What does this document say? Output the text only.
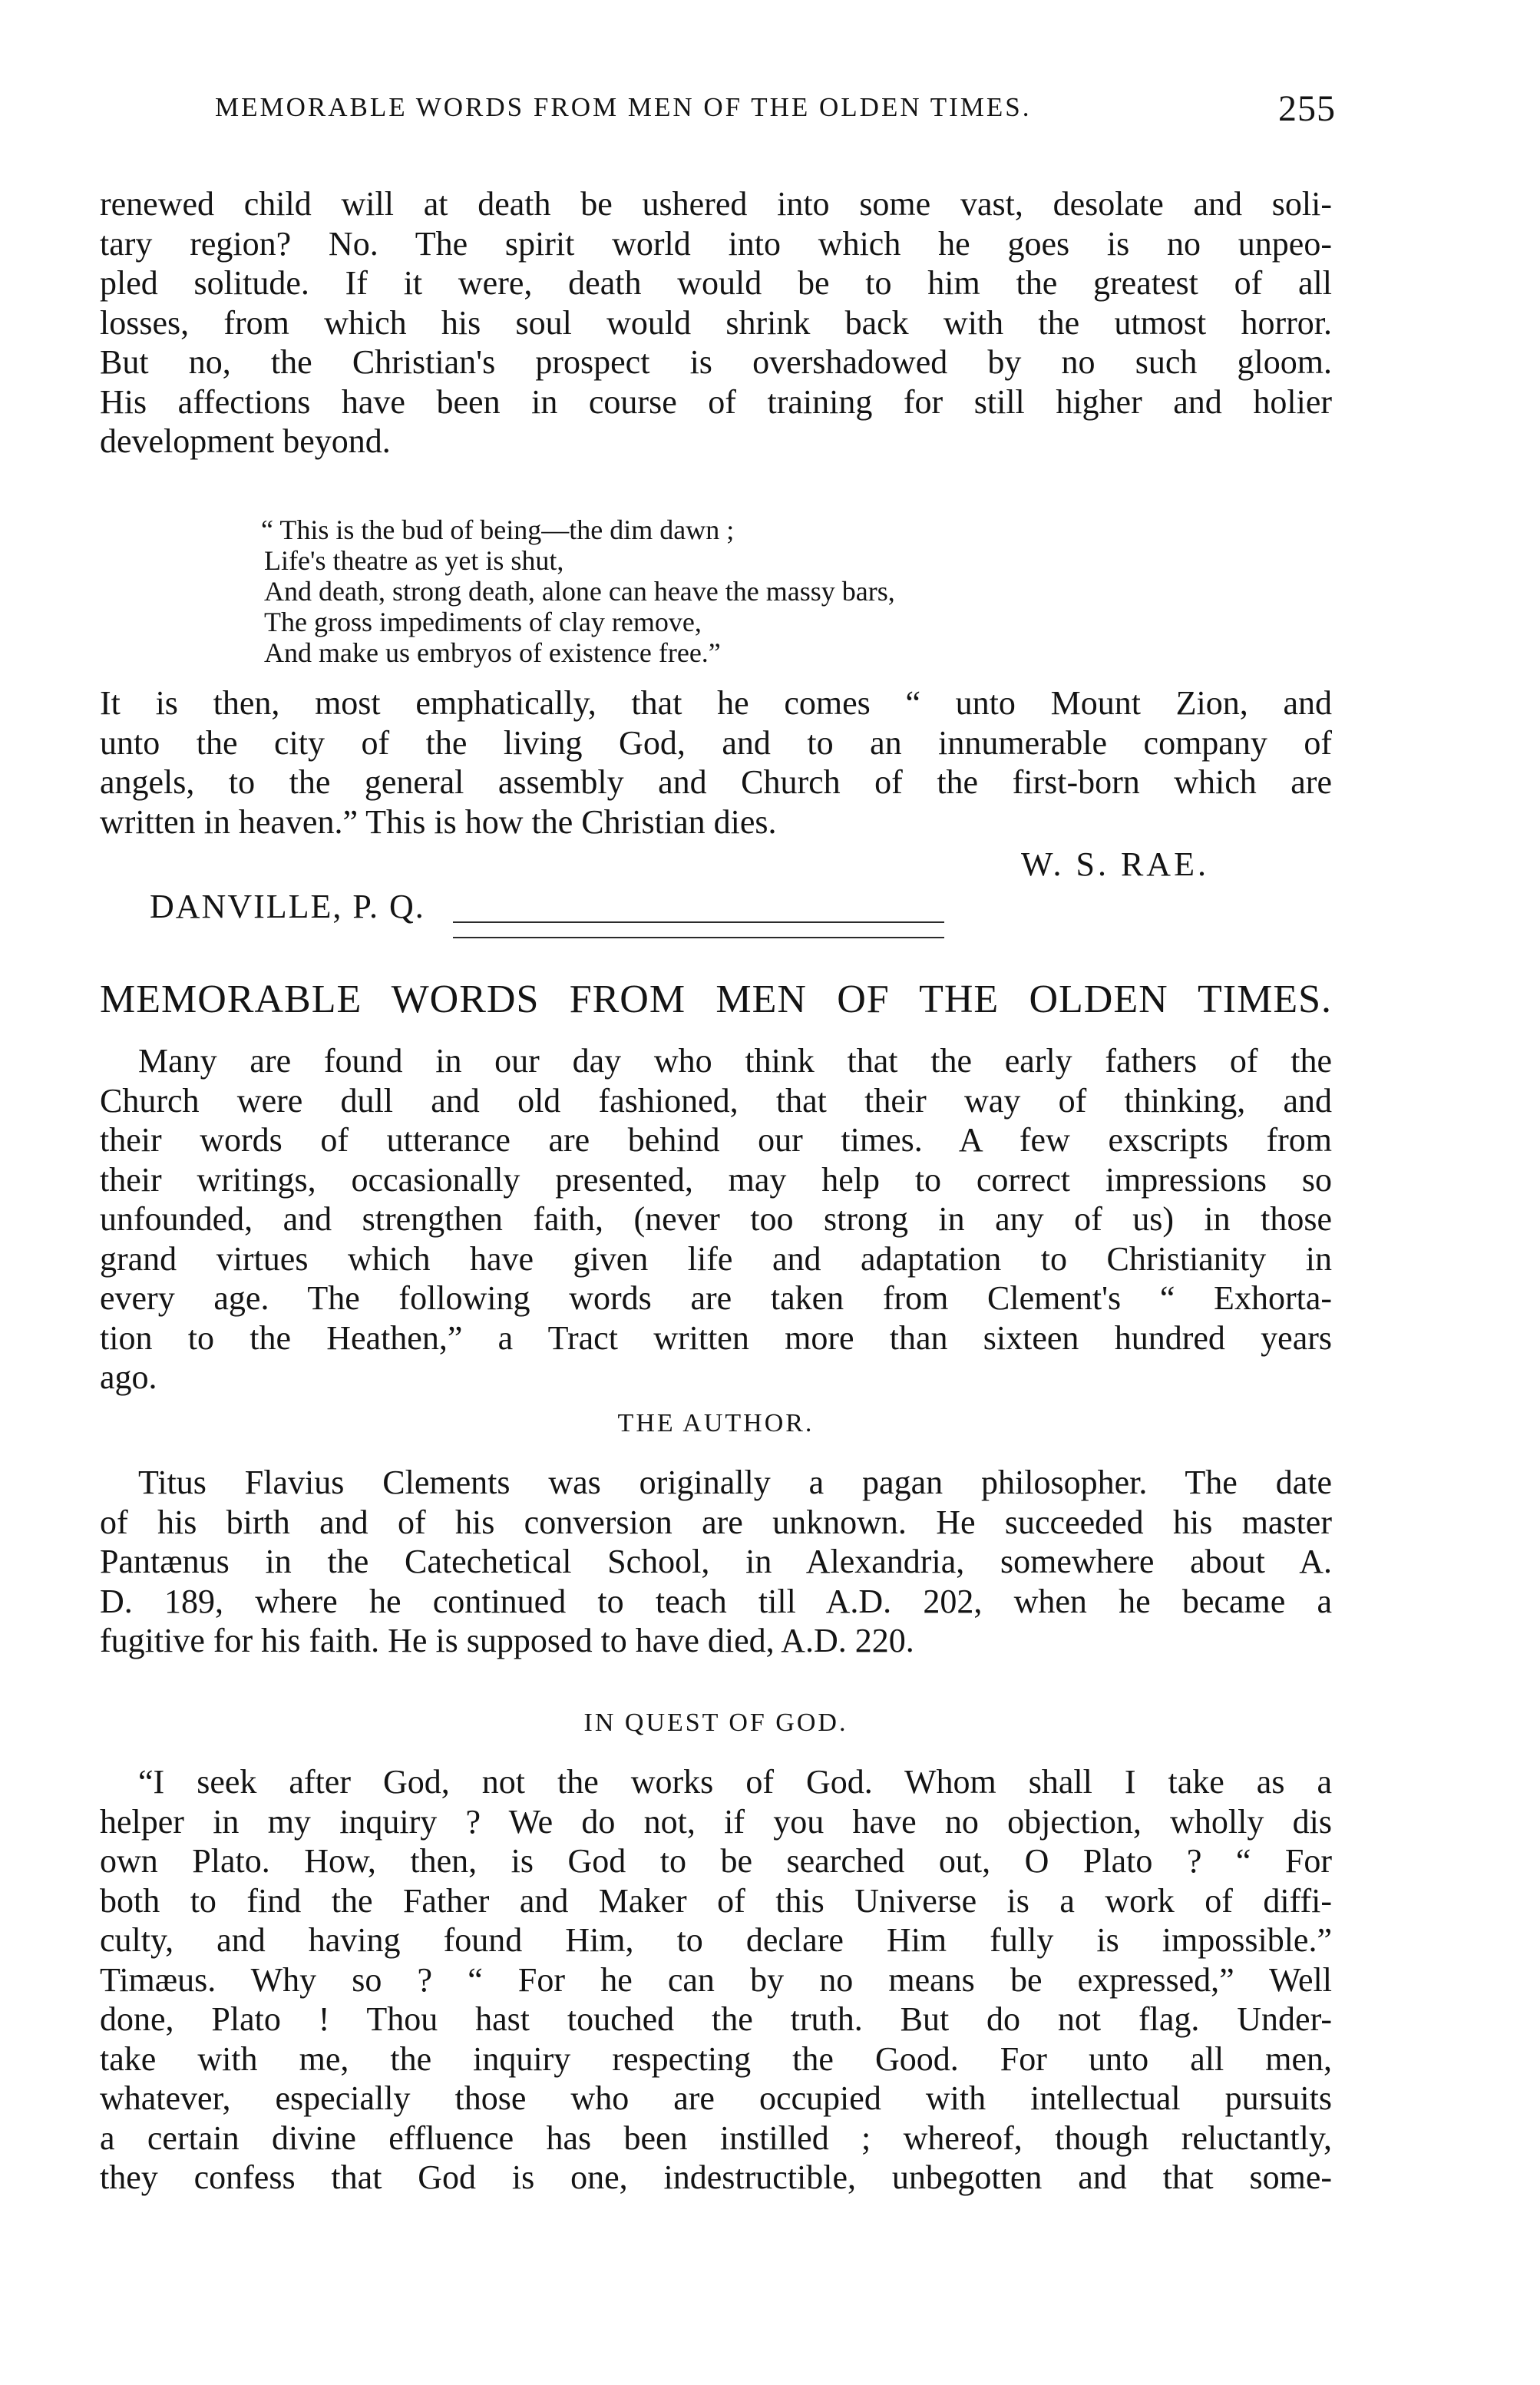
MEMORABLE WORDS FROM MEN OF THE OLDEN TIMES.	255
renewed child will at death be ushered into some vast, desolate and soli-
tary region? No. The spirit world into which he goes is no unpeo-
pled solitude. If it were, death would be to him the greatest of all
losses, from which his soul would shrink back with the utmost horror.
But no, the Christian's prospect is overshadowed by no such gloom.
His affections have been in course of training for still higher and holier
development beyond.
“ This is the bud of being—the dim dawn ;
Life's theatre as yet is shut,
And death, strong death, alone can heave the massy bars,
The gross impediments of clay remove,
And make us embryos of existence free.”
It is then, most emphatically, that he comes “ unto Mount Zion, and
unto the city of the living God, and to an innumerable company of
angels, to the general assembly and Church of the first-born which are
written in heaven.” This is how the Christian dies.
W. S. RAE.
DANVILLE, P. Q.
MEMORABLE WORDS FROM MEN OF THE OLDEN TIMES.
Many are found in our day who think that the early fathers of the
Church were dull and old fashioned, that their way of thinking, and
their words of utterance are behind our times. A few exscripts from
their writings, occasionally presented, may help to correct impressions so
unfounded, and strengthen faith, (never too strong in any of us) in those
grand virtues which have given life and adaptation to Christianity in
every age. The following words are taken from Clement's “ Exhorta-
tion to the Heathen,” a Tract written more than sixteen hundred years
ago.
THE AUTHOR.
Titus Flavius Clements was originally a pagan philosopher. The date
of his birth and of his conversion are unknown. He succeeded his master
Pantænus in the Catechetical School, in Alexandria, somewhere about A.
D. 189, where he continued to teach till A.D. 202, when he became a
fugitive for his faith. He is supposed to have died, A.D. 220.
IN QUEST OF GOD.
“I seek after God, not the works of God. Whom shall I take as a
helper in my inquiry ? We do not, if you have no objection, wholly dis
own Plato. How, then, is God to be searched out, O Plato ? “ For
both to find the Father and Maker of this Universe is a work of diffi-
culty, and having found Him, to declare Him fully is impossible.”
Timæus. Why so ? “ For he can by no means be expressed,” Well
done, Plato ! Thou hast touched the truth. But do not flag. Under-
take with me, the inquiry respecting the Good. For unto all men,
whatever, especially those who are occupied with intellectual pursuits
a certain divine effluence has been instilled ; whereof, though reluctantly,
they confess that God is one, indestructible, unbegotten and that some-
